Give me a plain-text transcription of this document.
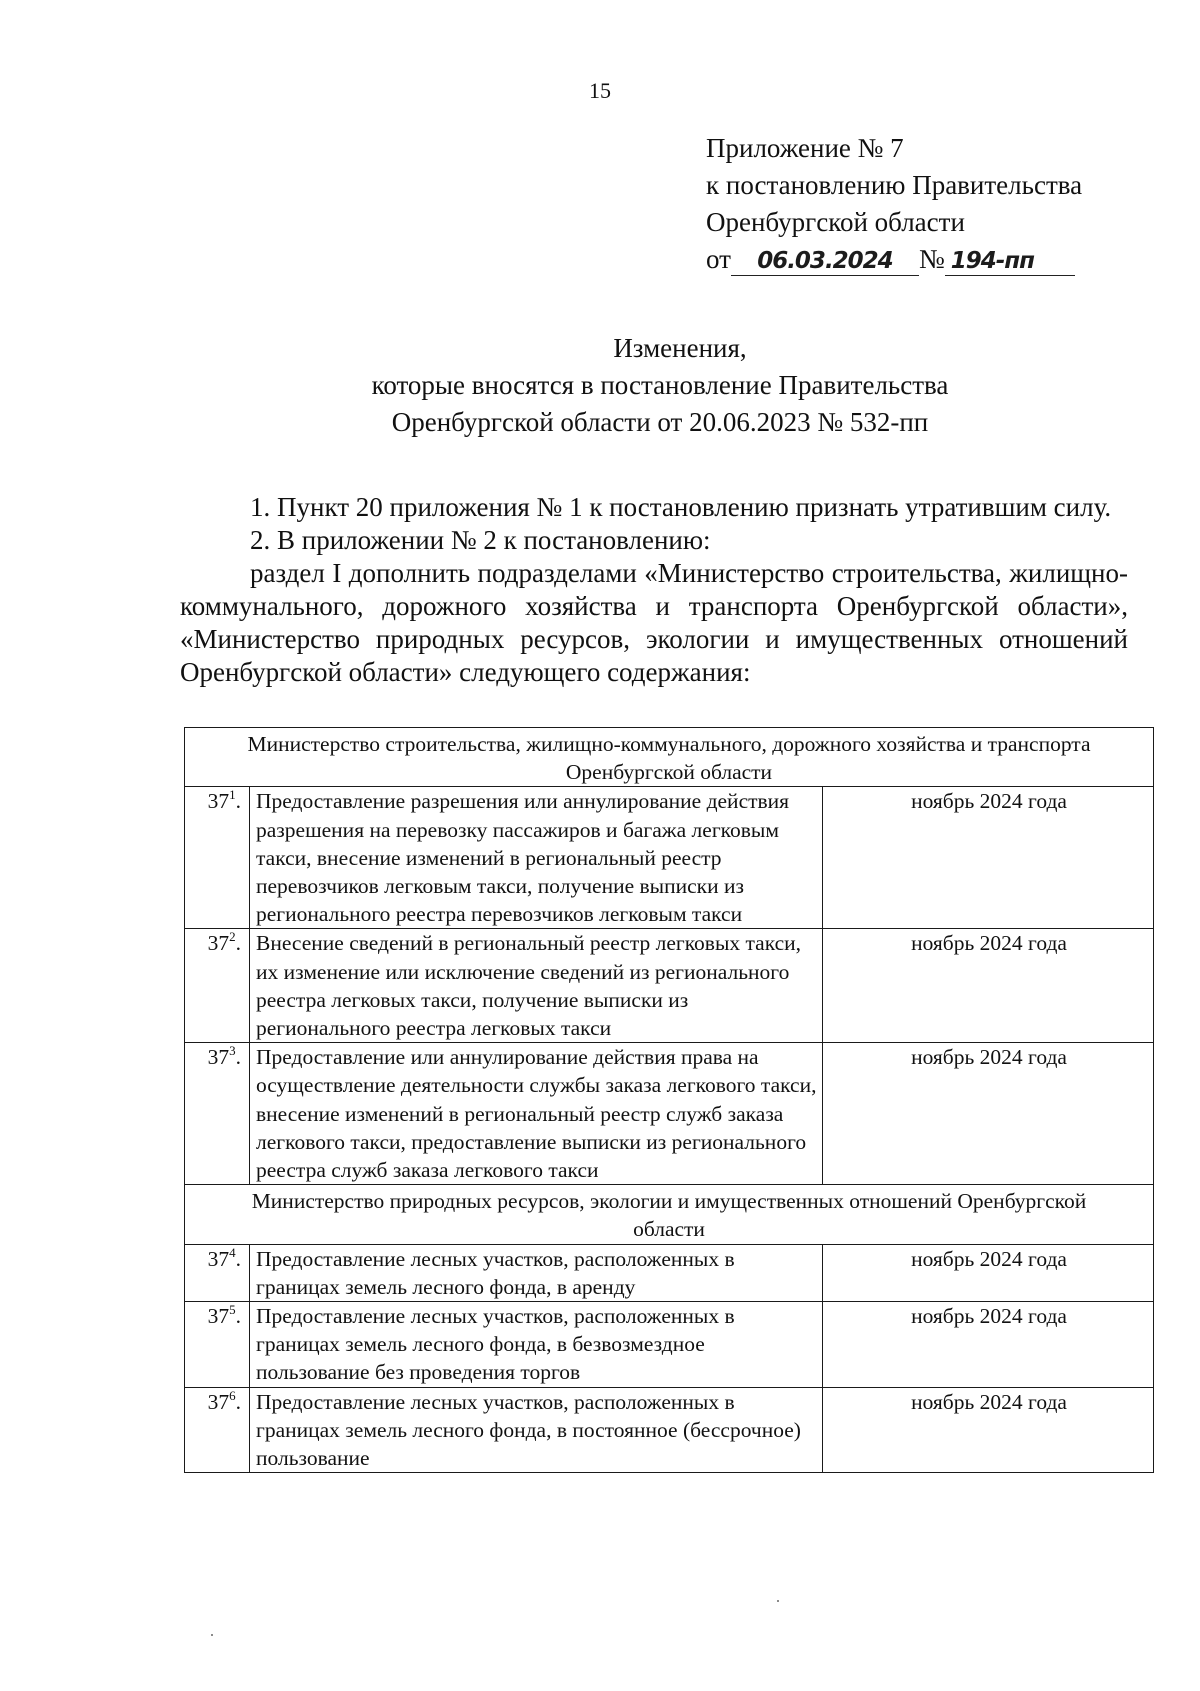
15
Приложение № 7
к постановлению Правительства
Оренбургской области
от 06.03.2024 № 194-пп
Изменения,
которые вносятся в постановление Правительства
Оренбургской области от 20.06.2023 № 532-пп

1. Пункт 20 приложения № 1 к постановлению признать утратившим силу.

2. В приложении № 2 к постановлению:

раздел I дополнить подразделами «Министерство строительства, жилищно-коммунального, дорожного хозяйства и транспорта Оренбургской области», «Министерство природных ресурсов, экологии и имущественных отношений Оренбургской области» следующего содержания:

Министерство строительства, жилищно-коммунального, дорожного хозяйства и транспорта Оренбургской области		
$37^1$.	Предоставление разрешения или аннулирование действия разрешения на перевозку пассажиров и багажа легковым такси, внесение изменений в региональный реестр перевозчиков легковым такси, получение выписки из регионального реестра перевозчиков легковым такси	ноябрь 2024 года
$37^2$.	Внесение сведений в региональный реестр легковых такси, их изменение или исключение сведений из регионального реестра легковых такси, получение выписки из регионального реестра легковых такси	ноябрь 2024 года
$37^3$.	Предоставление или аннулирование действия права на осуществление деятельности службы заказа легкового такси, внесение изменений в региональный реестр служб заказа легкового такси, предоставление выписки из регионального реестра служб заказа легкового такси	ноябрь 2024 года
Министерство природных ресурсов, экологии и имущественных отношений Оренбургской области		
$37^4$.	Предоставление лесных участков, расположенных в границах земель лесного фонда, в аренду	ноябрь 2024 года
$37^5$.	Предоставление лесных участков, расположенных в границах земель лесного фонда, в безвозмездное пользование без проведения торгов	ноябрь 2024 года
$37^6$.	Предоставление лесных участков, расположенных в границах земель лесного фонда, в постоянное (бессрочное) пользование	ноябрь 2024 года
